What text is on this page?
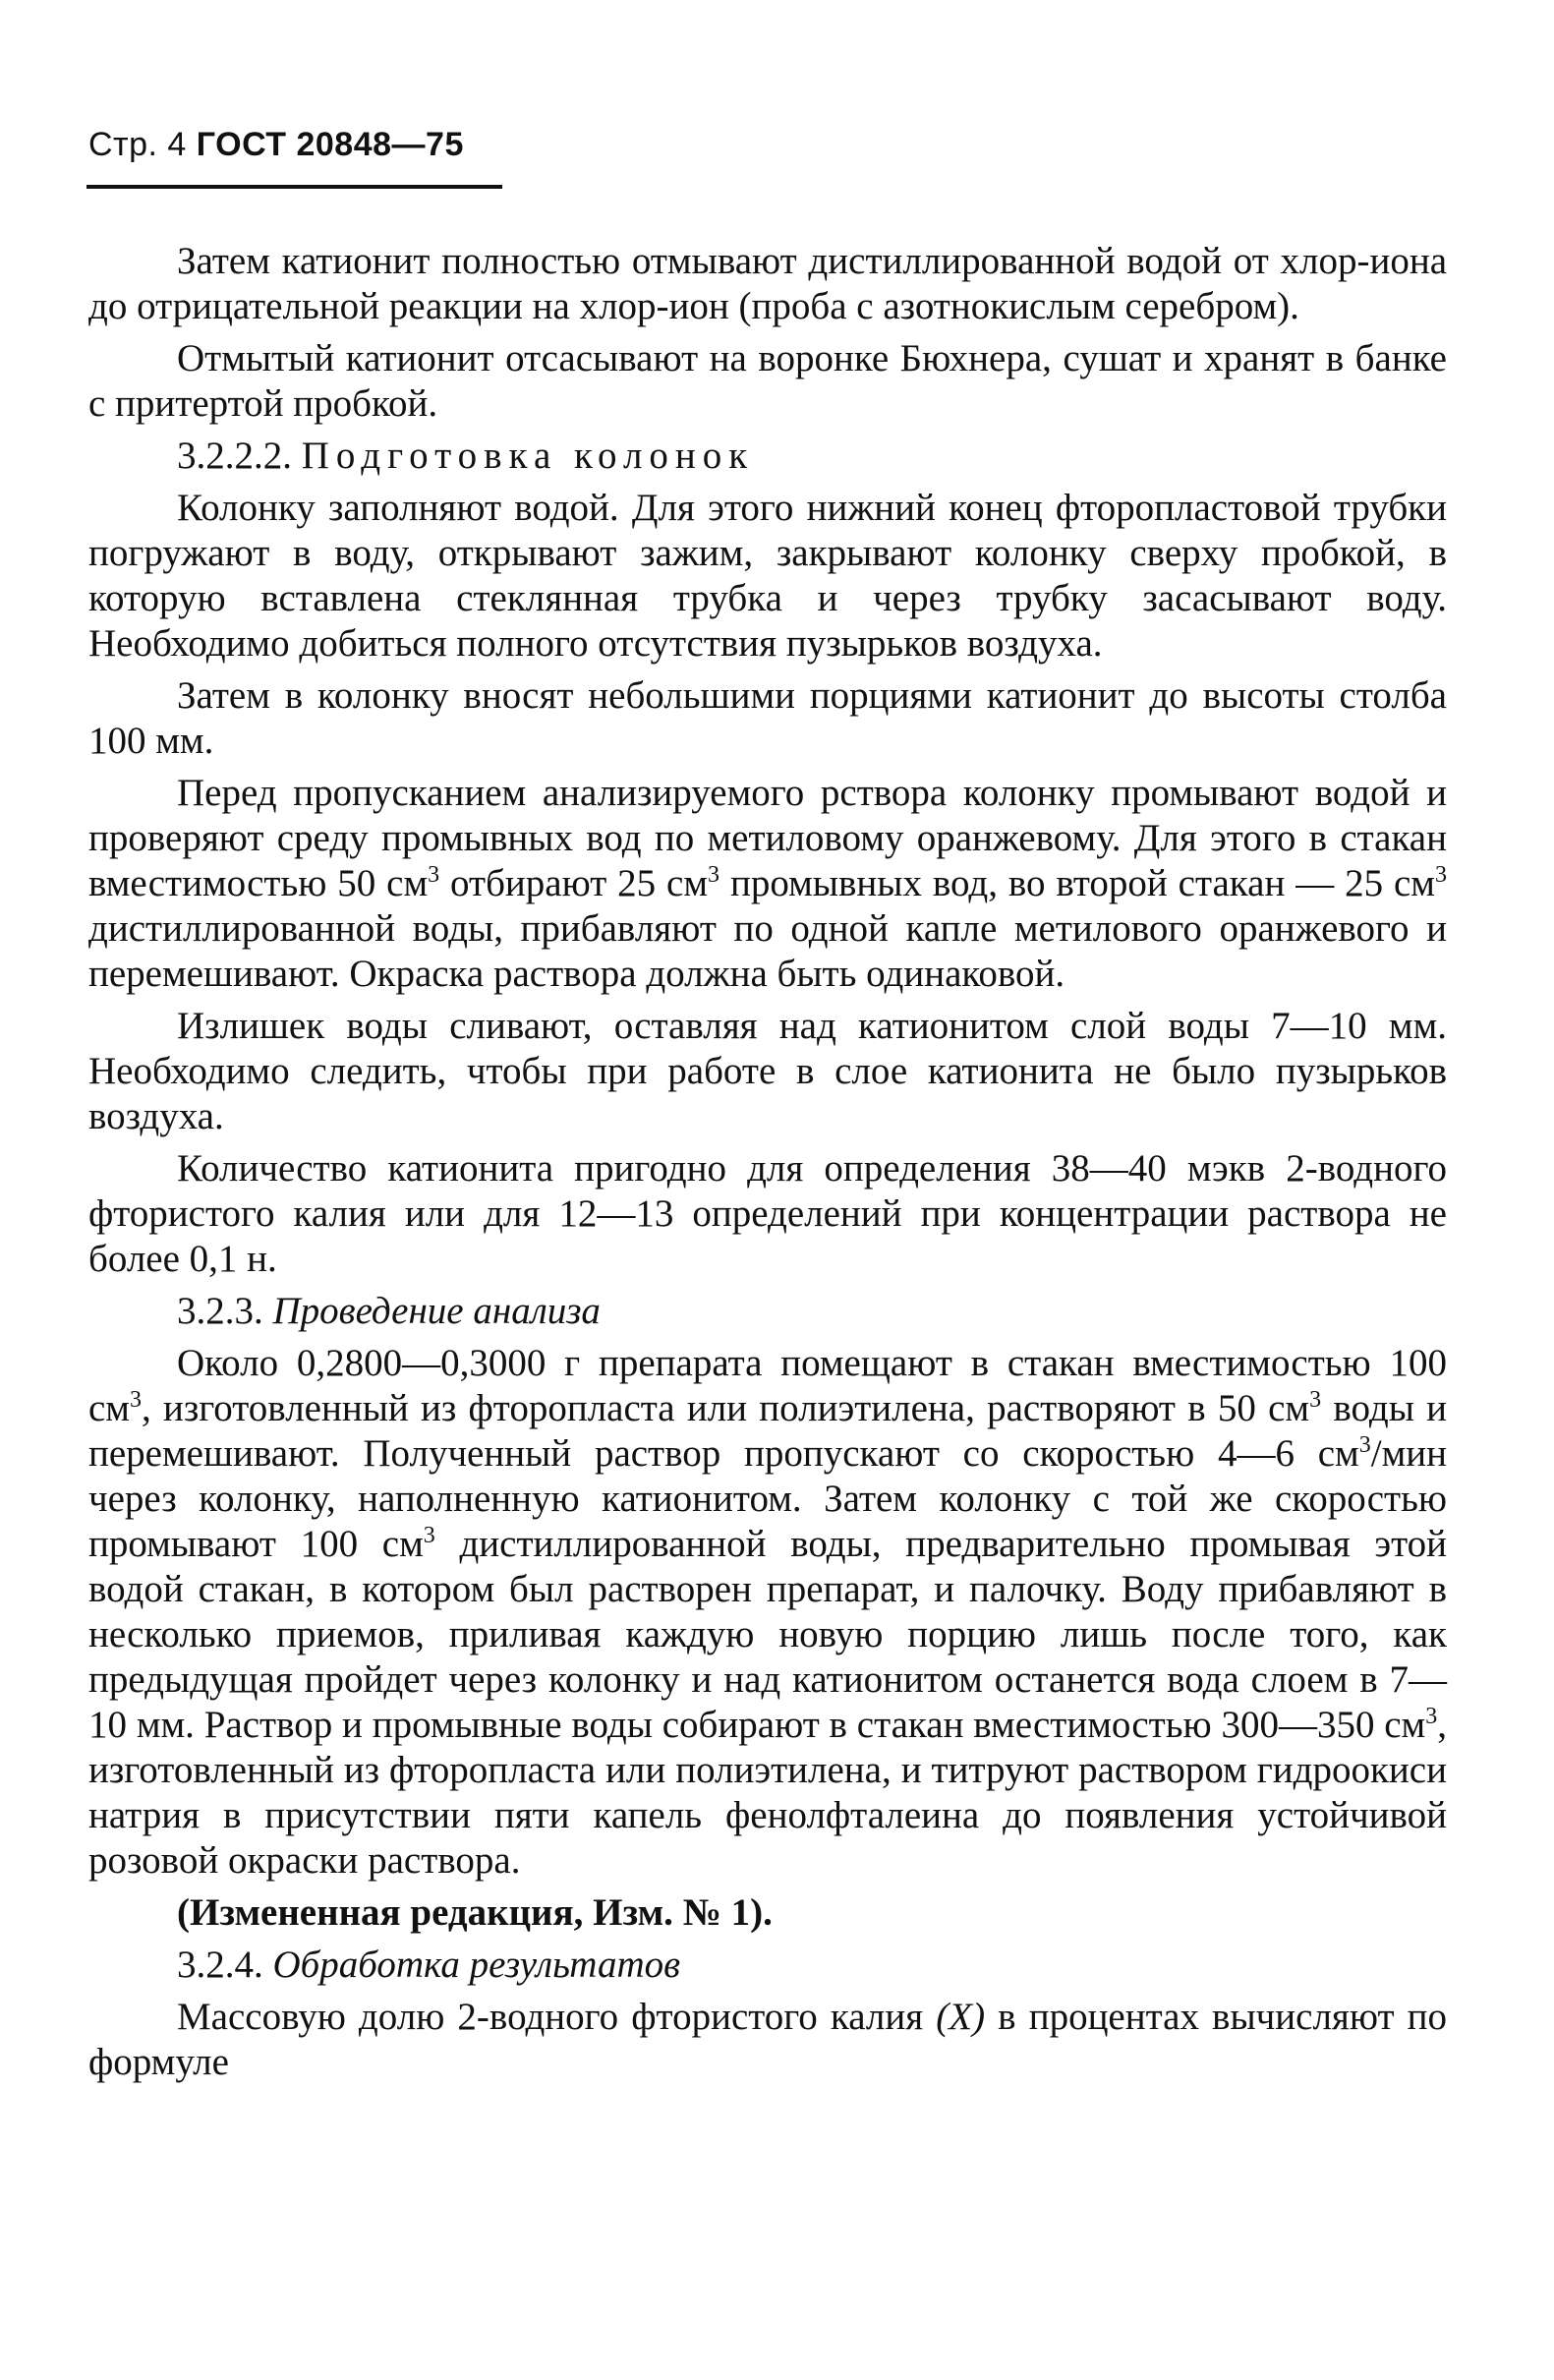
Стр. 4 ГОСТ 20848—75

Затем катионит полностью отмывают дистиллированной водой от хлор-иона до отрицательной реакции на хлор-ион (проба с азотнокислым серебром).

Отмытый катионит отсасывают на воронке Бюхнера, сушат и хранят в банке с притертой пробкой.

3.2.2.2. Подготовка колонок

Колонку заполняют водой. Для этого нижний конец фторопластовой трубки погружают в воду, открывают зажим, закрывают колонку сверху пробкой, в которую вставлена стеклянная трубка и через трубку засасывают воду. Необходимо добиться полного отсутствия пузырьков воздуха.

Затем в колонку вносят небольшими порциями катионит до высоты столба 100 мм.

Перед пропусканием анализируемого рствора колонку промывают водой и проверяют среду промывных вод по метиловому оранжевому. Для этого в стакан вместимостью 50 $см^3$ отбирают 25 $см^3$ промывных вод, во второй стакан — 25 $см^3$ дистиллированной воды, прибавляют по одной капле метилового оранжевого и перемешивают. Окраска раствора должна быть одинаковой.

Излишек воды сливают, оставляя над катионитом слой воды 7—10 мм. Необходимо следить, чтобы при работе в слое катионита не было пузырьков воздуха.

Количество катионита пригодно для определения 38—40 мэкв 2-водного фтористого калия или для 12—13 определений при концентрации раствора не более 0,1 н.

3.2.3. Проведение анализа

Около 0,2800—0,3000 г препарата помещают в стакан вместимостью 100 $см^3$, изготовленный из фторопласта или полиэтилена, растворяют в 50 $см^3$ воды и перемешивают. Полученный раствор пропускают со скоростью 4—6 $см^3$/мин через колонку, наполненную катионитом. Затем колонку с той же скоростью промывают 100 $см^3$ дистиллированной воды, предварительно промывая этой водой стакан, в котором был растворен препарат, и палочку. Воду прибавляют в несколько приемов, приливая каждую новую порцию лишь после того, как предыдущая пройдет через колонку и над катионитом останется вода слоем в 7—10 мм. Раствор и промывные воды собирают в стакан вместимостью 300—350 $см^3$, изготовленный из фторопласта или полиэтилена, и титруют раствором гидроокиси натрия в присутствии пяти капель фенолфталеина до появления устойчивой розовой окраски раствора.

(Измененная редакция, Изм. № 1).

3.2.4. Обработка результатов

Массовую долю 2-водного фтористого калия (X) в процентах вычисляют по формуле
